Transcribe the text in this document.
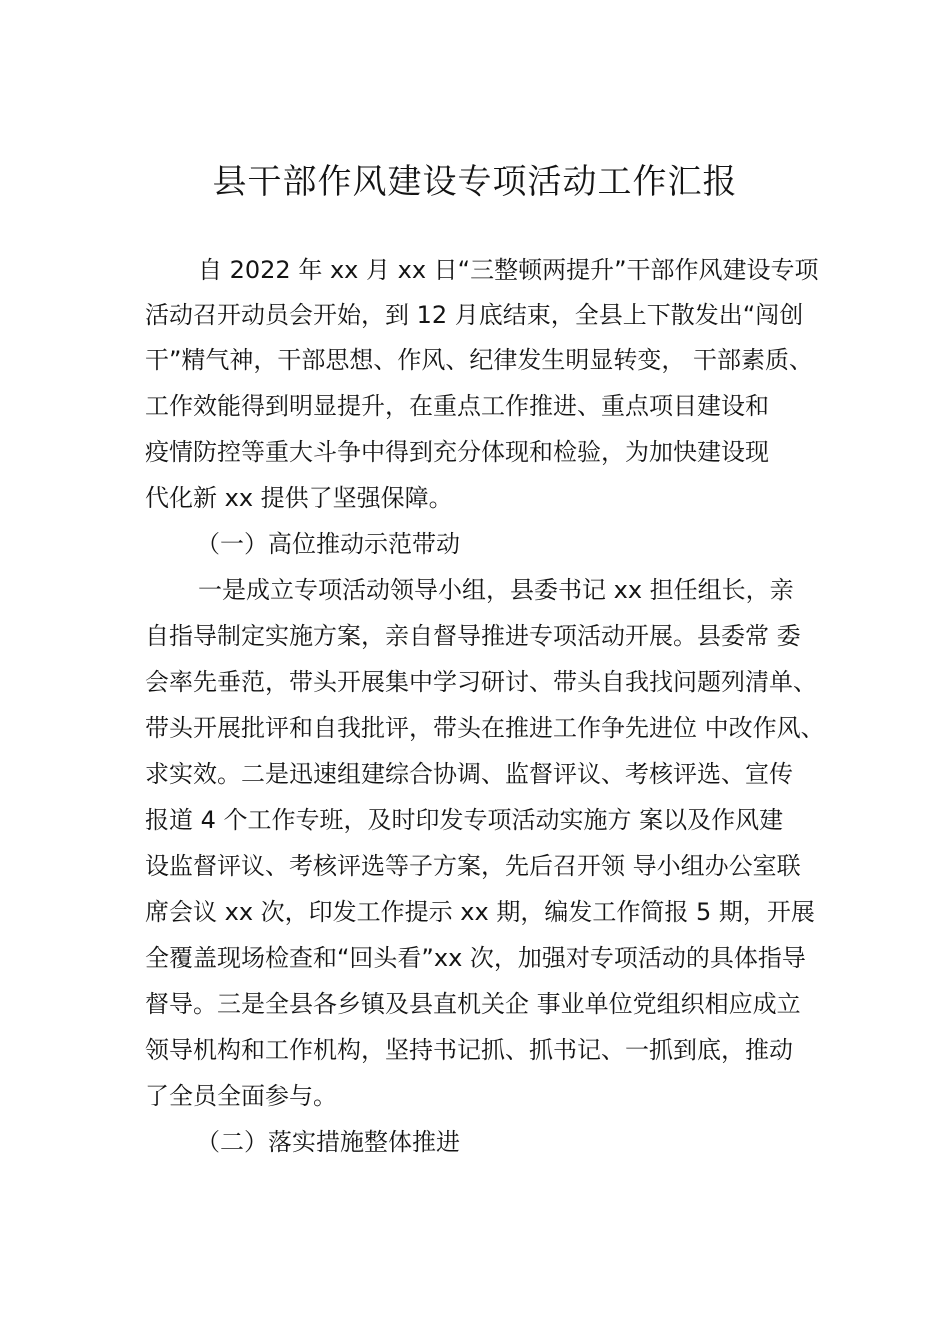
县干部作风建设专项活动工作汇报

自 2022 年 xx 月 xx 日“三整顿两提升”干部作风建设专项

活动召开动员会开始，到 12 月底结束，全县上下散发出“闯创

干”精气神，干部思想、作风、纪律发生明显转变， 干部素质、

工作效能得到明显提升，在重点工作推进、重点项目建设和

疫情防控等重大斗争中得到充分体现和检验，为加快建设现

代化新 xx 提供了坚强保障。

（一）高位推动示范带动

一是成立专项活动领导小组，县委书记 xx 担任组长，亲

自指导制定实施方案，亲自督导推进专项活动开展。县委常 委

会率先垂范，带头开展集中学习研讨、带头自我找问题列清单、

带头开展批评和自我批评，带头在推进工作争先进位 中改作风、

求实效。二是迅速组建综合协调、监督评议、考核评选、宣传

报道 4 个工作专班，及时印发专项活动实施方 案以及作风建

设监督评议、考核评选等子方案，先后召开领 导小组办公室联

席会议 xx 次，印发工作提示 xx 期，编发工作简报 5 期，开展

全覆盖现场检查和“回头看”xx 次，加强对专项活动的具体指导

督导。三是全县各乡镇及县直机关企 事业单位党组织相应成立

领导机构和工作机构，坚持书记抓、抓书记、一抓到底，推动

了全员全面参与。

（二）落实措施整体推进
